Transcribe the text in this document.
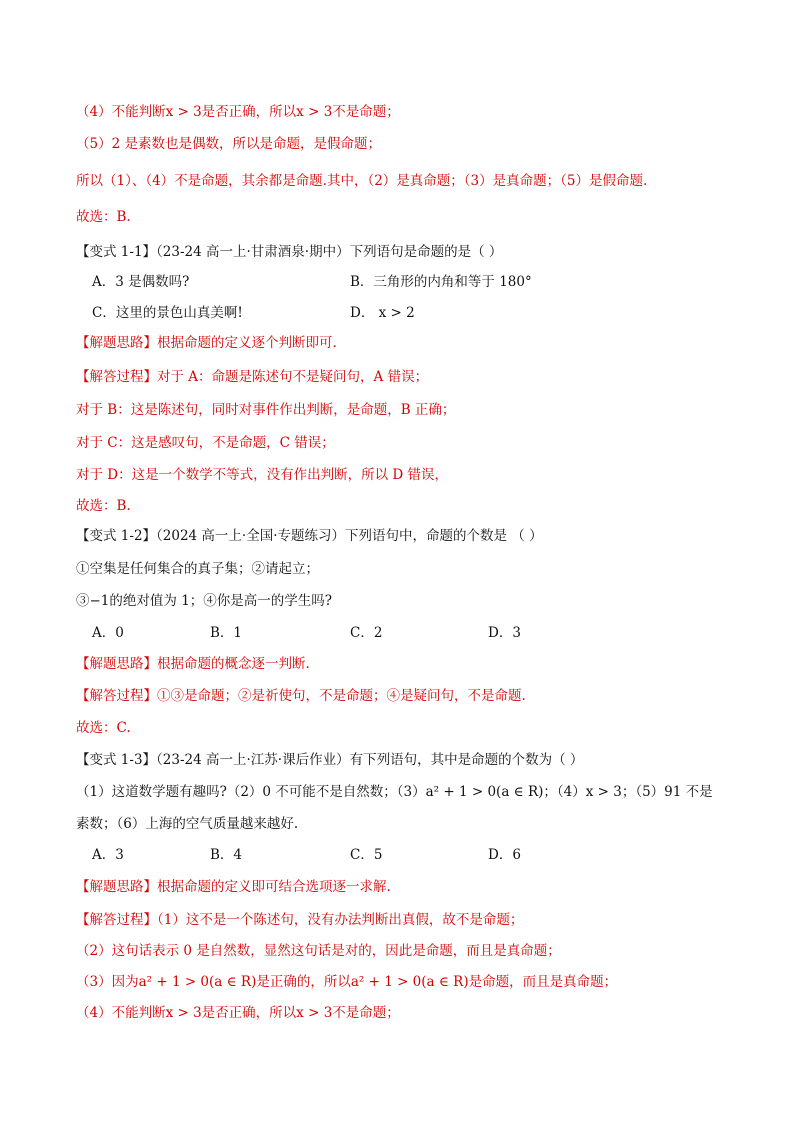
（4）不能判断x > 3是否正确，所以x > 3不是命题；
（5）2 是素数也是偶数，所以是命题，是假命题；
所以（1）、（4）不是命题，其余都是命题.其中，（2）是真命题；（3）是真命题；（5）是假命题.
故选：B.
【变式 1-1】（23-24 高一上·甘肃酒泉·期中）下列语句是命题的是（ ）
A．3 是偶数吗?	B．三角形的内角和等于 180°
C．这里的景色山真美啊!	D． x > 2
【解题思路】根据命题的定义逐个判断即可.
【解答过程】对于 A：命题是陈述句不是疑问句，A 错误；
对于 B：这是陈述句，同时对事件作出判断，是命题，B 正确；
对于 C：这是感叹句，不是命题，C 错误；
对于 D：这是一个数学不等式，没有作出判断，所以 D 错误，
故选：B.
【变式 1-2】（2024 高一上·全国·专题练习）下列语句中，命题的个数是 （ ）
①空集是任何集合的真子集；②请起立；
③−1的绝对值为 1；④你是高一的学生吗?
A．0	B．1	C．2	D．3
【解题思路】根据命题的概念逐一判断.
【解答过程】①③是命题；②是祈使句，不是命题；④是疑问句，不是命题.
故选：C.
【变式 1-3】（23-24 高一上·江苏·课后作业）有下列语句，其中是命题的个数为（ ）
（1）这道数学题有趣吗?（2）0 不可能不是自然数；（3）a² + 1 > 0(a ∈ R)；（4）x > 3；（5）91 不是
素数；（6）上海的空气质量越来越好.
A．3	B．4	C．5	D．6
【解题思路】根据命题的定义即可结合选项逐一求解.
【解答过程】（1）这不是一个陈述句，没有办法判断出真假，故不是命题；
（2）这句话表示 0 是自然数，显然这句话是对的，因此是命题，而且是真命题；
（3）因为a² + 1 > 0(a ∈ R)是正确的，所以a² + 1 > 0(a ∈ R)是命题，而且是真命题；
（4）不能判断x > 3是否正确，所以x > 3不是命题；
